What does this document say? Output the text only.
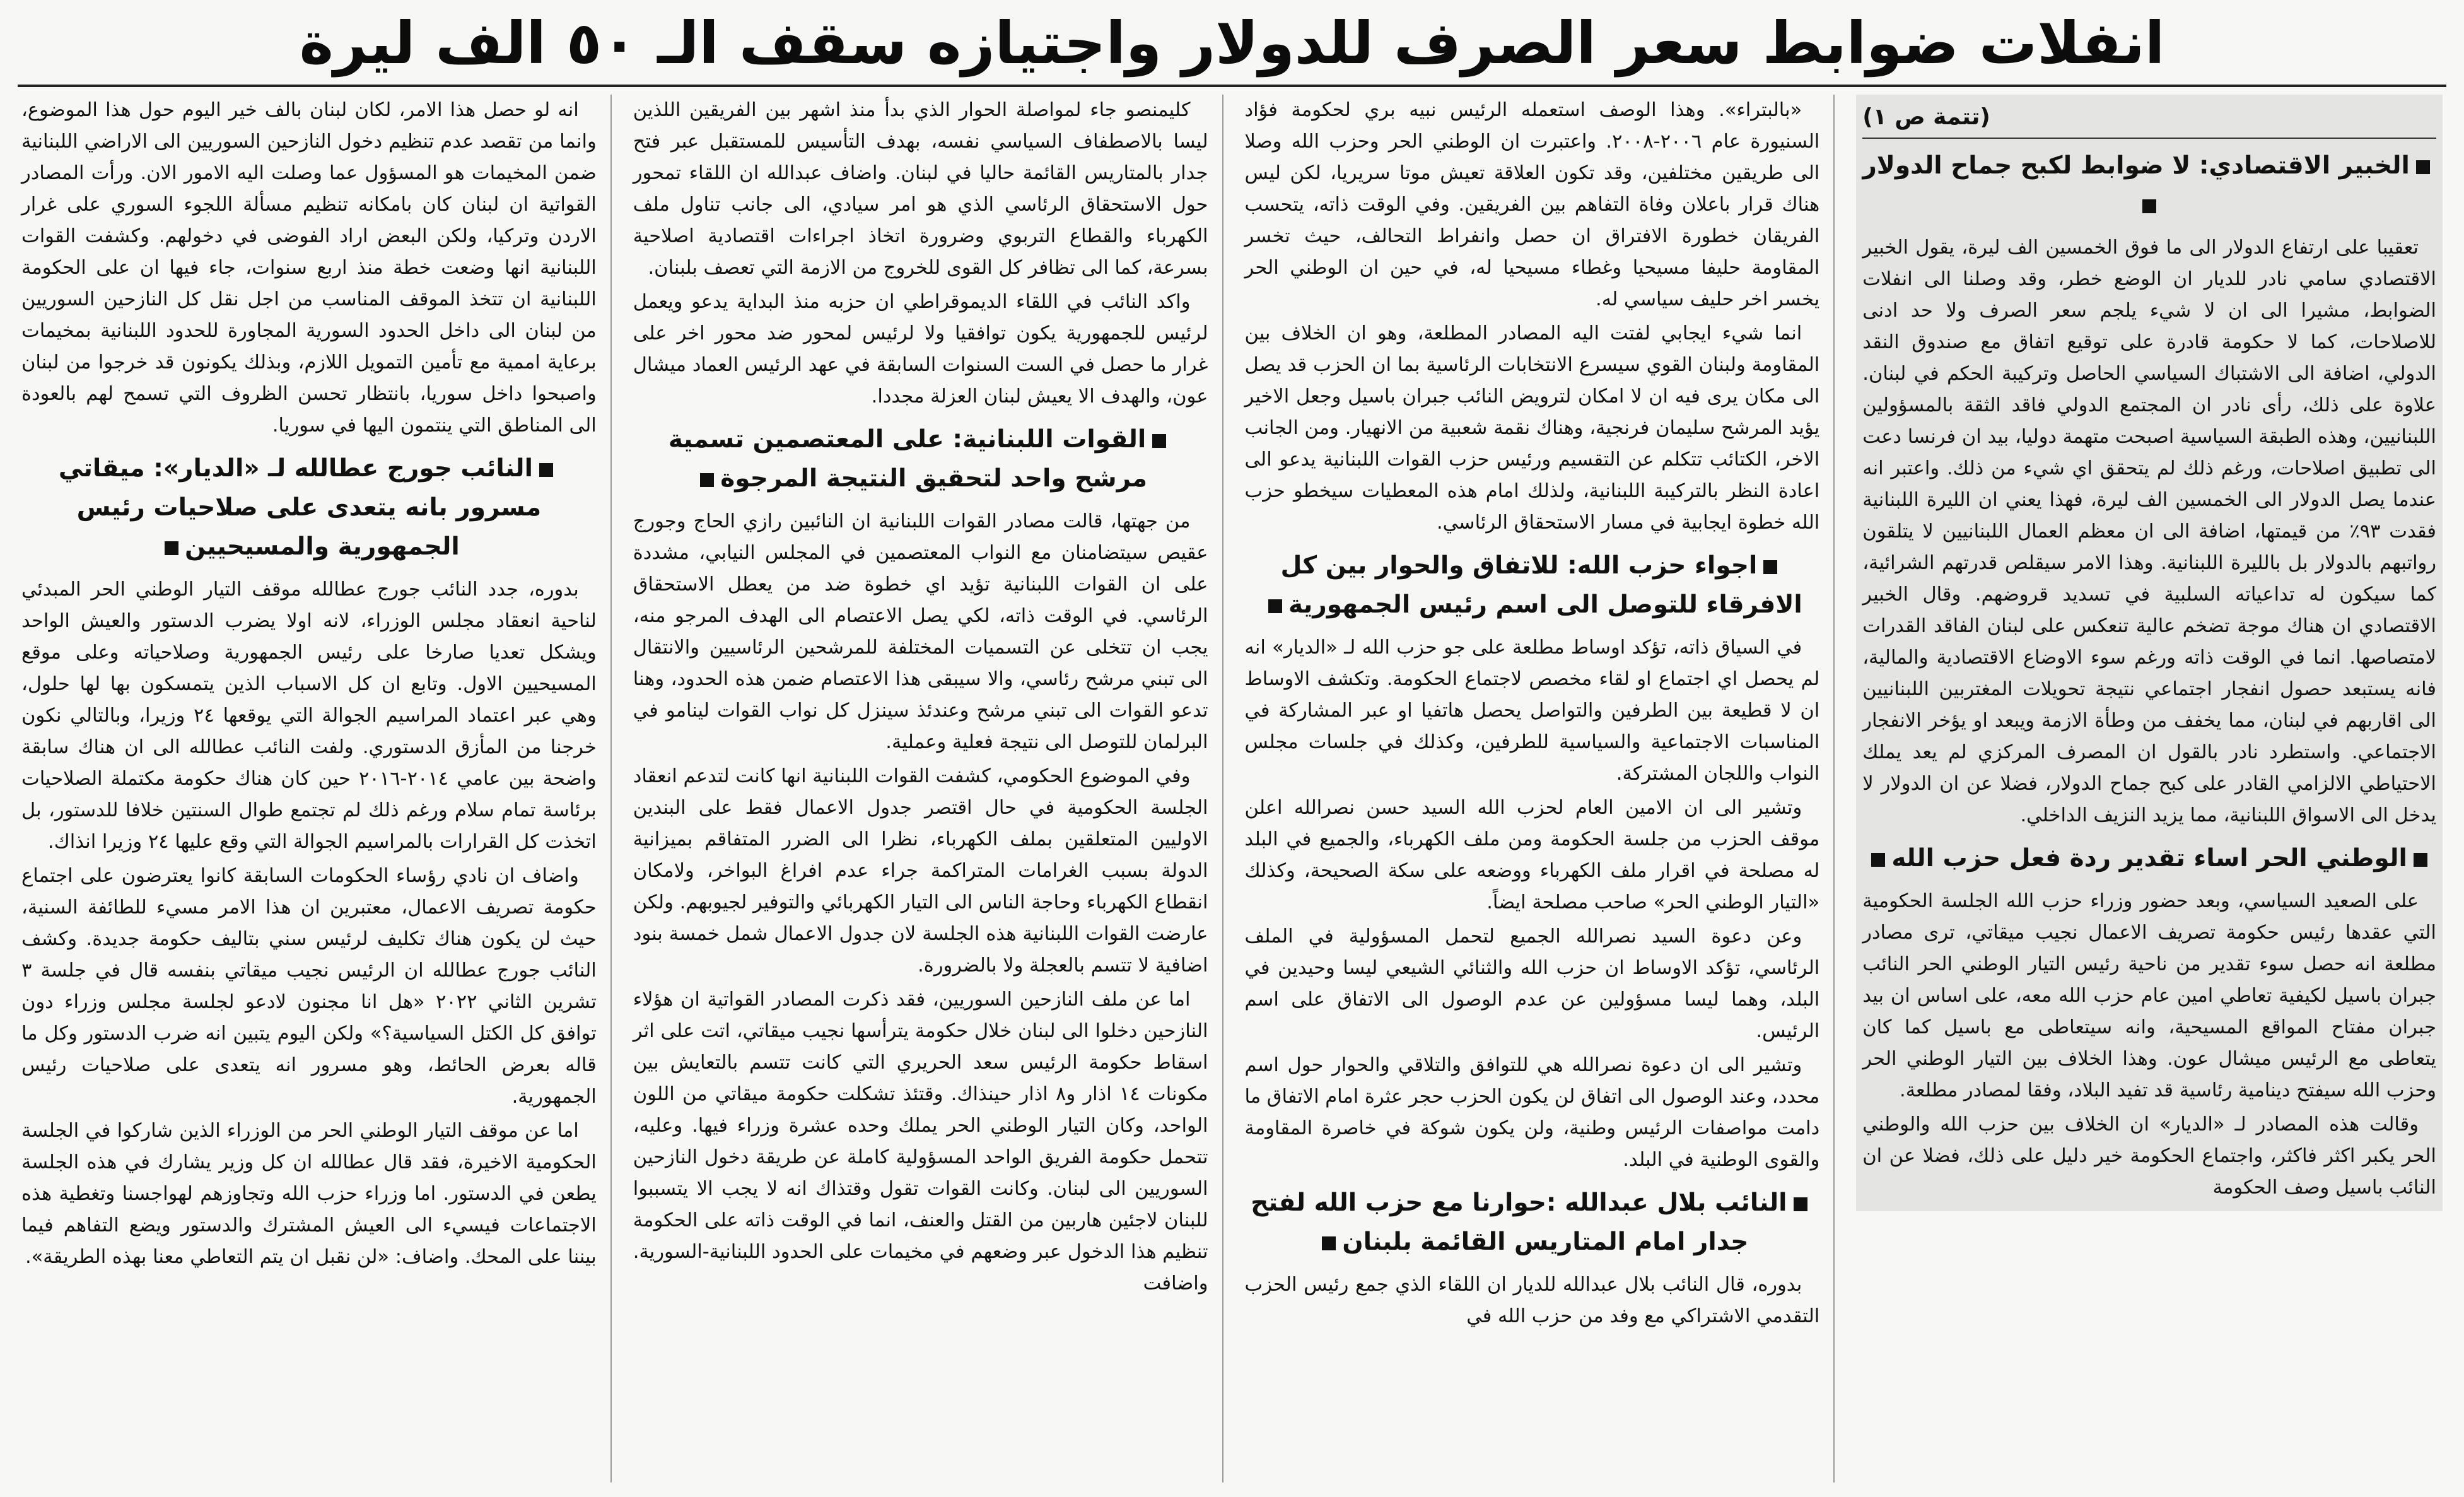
انفلات ضوابط سعر الصرف للدولار واجتيازه سقف الـ ٥٠ الف ليرة
(تتمة ص ١)
الخبير الاقتصادي: لا ضوابط لكبح جماح الدولار

تعقيبا على ارتفاع الدولار الى ما فوق الخمسين الف ليرة، يقول الخبير الاقتصادي سامي نادر للديار ان الوضع خطر، وقد وصلنا الى انفلات الضوابط، مشيرا الى ان لا شيء يلجم سعر الصرف ولا حد ادنى للاصلاحات، كما لا حكومة قادرة على توقيع اتفاق مع صندوق النقد الدولي، اضافة الى الاشتباك السياسي الحاصل وتركيبة الحكم في لبنان. علاوة على ذلك، رأى نادر ان المجتمع الدولي فاقد الثقة بالمسؤولين اللبنانيين، وهذه الطبقة السياسية اصبحت متهمة دوليا، بيد ان فرنسا دعت الى تطبيق اصلاحات، ورغم ذلك لم يتحقق اي شيء من ذلك. واعتبر انه عندما يصل الدولار الى الخمسين الف ليرة، فهذا يعني ان الليرة اللبنانية فقدت ٩٣٪ من قيمتها، اضافة الى ان معظم العمال اللبنانيين لا يتلقون رواتبهم بالدولار بل بالليرة اللبنانية. وهذا الامر سيقلص قدرتهم الشرائية، كما سيكون له تداعياته السلبية في تسديد قروضهم. وقال الخبير الاقتصادي ان هناك موجة تضخم عالية تنعكس على لبنان الفاقد القدرات لامتصاصها. انما في الوقت ذاته ورغم سوء الاوضاع الاقتصادية والمالية، فانه يستبعد حصول انفجار اجتماعي نتيجة تحويلات المغتربين اللبنانيين الى اقاربهم في لبنان، مما يخفف من وطأة الازمة ويبعد او يؤخر الانفجار الاجتماعي. واستطرد نادر بالقول ان المصرف المركزي لم يعد يملك الاحتياطي الالزامي القادر على كبح جماح الدولار، فضلا عن ان الدولار لا يدخل الى الاسواق اللبنانية، مما يزيد النزيف الداخلي.

الوطني الحر اساء تقدير ردة فعل حزب الله

على الصعيد السياسي، وبعد حضور وزراء حزب الله الجلسة الحكومية التي عقدها رئيس حكومة تصريف الاعمال نجيب ميقاتي، ترى مصادر مطلعة انه حصل سوء تقدير من ناحية رئيس التيار الوطني الحر النائب جبران باسيل لكيفية تعاطي امين عام حزب الله معه، على اساس ان بيد جبران مفتاح المواقع المسيحية، وانه سيتعاطى مع باسيل كما كان يتعاطى مع الرئيس ميشال عون. وهذا الخلاف بين التيار الوطني الحر وحزب الله سيفتح دينامية رئاسية قد تفيد البلاد، وفقا لمصادر مطلعة.

وقالت هذه المصادر لـ «الديار» ان الخلاف بين حزب الله والوطني الحر يكبر اكثر فاكثر، واجتماع الحكومة خير دليل على ذلك، فضلا عن ان النائب باسيل وصف الحكومة

«بالبتراء». وهذا الوصف استعمله الرئيس نبيه بري لحكومة فؤاد السنيورة عام ٢٠٠٦-٢٠٠٨. واعتبرت ان الوطني الحر وحزب الله وصلا الى طريقين مختلفين، وقد تكون العلاقة تعيش موتا سريريا، لكن ليس هناك قرار باعلان وفاة التفاهم بين الفريقين. وفي الوقت ذاته، يتحسب الفريقان خطورة الافتراق ان حصل وانفراط التحالف، حيث تخسر المقاومة حليفا مسيحيا وغطاء مسيحيا له، في حين ان الوطني الحر يخسر اخر حليف سياسي له.

انما شيء ايجابي لفتت اليه المصادر المطلعة، وهو ان الخلاف بين المقاومة ولبنان القوي سيسرع الانتخابات الرئاسية بما ان الحزب قد يصل الى مكان يرى فيه ان لا امكان لترويض النائب جبران باسيل وجعل الاخير يؤيد المرشح سليمان فرنجية، وهناك نقمة شعبية من الانهيار. ومن الجانب الاخر، الكتائب تتكلم عن التقسيم ورئيس حزب القوات اللبنانية يدعو الى اعادة النظر بالتركيبة اللبنانية، ولذلك امام هذه المعطيات سيخطو حزب الله خطوة ايجابية في مسار الاستحقاق الرئاسي.

اجواء حزب الله: للاتفاق والحوار بين كل الافرقاء للتوصل الى اسم رئيس الجمهورية

في السياق ذاته، تؤكد اوساط مطلعة على جو حزب الله لـ «الديار» انه لم يحصل اي اجتماع او لقاء مخصص لاجتماع الحكومة. وتكشف الاوساط ان لا قطيعة بين الطرفين والتواصل يحصل هاتفيا او عبر المشاركة في المناسبات الاجتماعية والسياسية للطرفين، وكذلك في جلسات مجلس النواب واللجان المشتركة.

وتشير الى ان الامين العام لحزب الله السيد حسن نصرالله اعلن موقف الحزب من جلسة الحكومة ومن ملف الكهرباء، والجميع في البلد له مصلحة في اقرار ملف الكهرباء ووضعه على سكة الصحيحة، وكذلك «التيار الوطني الحر» صاحب مصلحة ايضاً.

وعن دعوة السيد نصرالله الجميع لتحمل المسؤولية في الملف الرئاسي، تؤكد الاوساط ان حزب الله والثنائي الشيعي ليسا وحيدين في البلد، وهما ليسا مسؤولين عن عدم الوصول الى الاتفاق على اسم الرئيس.

وتشير الى ان دعوة نصرالله هي للتوافق والتلاقي والحوار حول اسم محدد، وعند الوصول الى اتفاق لن يكون الحزب حجر عثرة امام الاتفاق ما دامت مواصفات الرئيس وطنية، ولن يكون شوكة في خاصرة المقاومة والقوى الوطنية في البلد.

النائب بلال عبدالله :حوارنا مع حزب الله لفتح جدار امام المتاريس القائمة بلبنان

بدوره، قال النائب بلال عبدالله للديار ان اللقاء الذي جمع رئيس الحزب التقدمي الاشتراكي مع وفد من حزب الله في

كليمنصو جاء لمواصلة الحوار الذي بدأ منذ اشهر بين الفريقين اللذين ليسا بالاصطفاف السياسي نفسه، بهدف التأسيس للمستقبل عبر فتح جدار بالمتاريس القائمة حاليا في لبنان. واضاف عبدالله ان اللقاء تمحور حول الاستحقاق الرئاسي الذي هو امر سيادي، الى جانب تناول ملف الكهرباء والقطاع التربوي وضرورة اتخاذ اجراءات اقتصادية اصلاحية بسرعة، كما الى تظافر كل القوى للخروج من الازمة التي تعصف بلبنان.

واكد النائب في اللقاء الديموقراطي ان حزبه منذ البداية يدعو ويعمل لرئيس للجمهورية يكون توافقيا ولا لرئيس لمحور ضد محور اخر على غرار ما حصل في الست السنوات السابقة في عهد الرئيس العماد ميشال عون، والهدف الا يعيش لبنان العزلة مجددا.

القوات اللبنانية: على المعتصمين تسمية مرشح واحد لتحقيق النتيجة المرجوة

من جهتها، قالت مصادر القوات اللبنانية ان النائبين رازي الحاج وجورج عقيص سيتضامنان مع النواب المعتصمين في المجلس النيابي، مشددة على ان القوات اللبنانية تؤيد اي خطوة ضد من يعطل الاستحقاق الرئاسي. في الوقت ذاته، لكي يصل الاعتصام الى الهدف المرجو منه، يجب ان تتخلى عن التسميات المختلفة للمرشحين الرئاسيين والانتقال الى تبني مرشح رئاسي، والا سيبقى هذا الاعتصام ضمن هذه الحدود، وهنا تدعو القوات الى تبني مرشح وعندئذ سينزل كل نواب القوات لينامو في البرلمان للتوصل الى نتيجة فعلية وعملية.

وفي الموضوع الحكومي، كشفت القوات اللبنانية انها كانت لتدعم انعقاد الجلسة الحكومية في حال اقتصر جدول الاعمال فقط على البندين الاوليين المتعلقين بملف الكهرباء، نظرا الى الضرر المتفاقم بميزانية الدولة بسبب الغرامات المتراكمة جراء عدم افراغ البواخر، ولامكان انقطاع الكهرباء وحاجة الناس الى التيار الكهربائي والتوفير لجيوبهم. ولكن عارضت القوات اللبنانية هذه الجلسة لان جدول الاعمال شمل خمسة بنود اضافية لا تتسم بالعجلة ولا بالضرورة.

اما عن ملف النازحين السوريين، فقد ذكرت المصادر القواتية ان هؤلاء النازحين دخلوا الى لبنان خلال حكومة يترأسها نجيب ميقاتي، اتت على اثر اسقاط حكومة الرئيس سعد الحريري التي كانت تتسم بالتعايش بين مكونات ١٤ اذار و٨ اذار حينذاك. وقتئذ تشكلت حكومة ميقاتي من اللون الواحد، وكان التيار الوطني الحر يملك وحده عشرة وزراء فيها. وعليه، تتحمل حكومة الفريق الواحد المسؤولية كاملة عن طريقة دخول النازحين السوريين الى لبنان. وكانت القوات تقول وقتذاك انه لا يجب الا يتسببوا للبنان لاجئين هاربين من القتل والعنف، انما في الوقت ذاته على الحكومة تنظيم هذا الدخول عبر وضعهم في مخيمات على الحدود اللبنانية-السورية. واضافت

انه لو حصل هذا الامر، لكان لبنان بالف خير اليوم حول هذا الموضوع، وانما من تقصد عدم تنظيم دخول النازحين السوريين الى الاراضي اللبنانية ضمن المخيمات هو المسؤول عما وصلت اليه الامور الان. ورأت المصادر القواتية ان لبنان كان بامكانه تنظيم مسألة اللجوء السوري على غرار الاردن وتركيا، ولكن البعض اراد الفوضى في دخولهم. وكشفت القوات اللبنانية انها وضعت خطة منذ اربع سنوات، جاء فيها ان على الحكومة اللبنانية ان تتخذ الموقف المناسب من اجل نقل كل النازحين السوريين من لبنان الى داخل الحدود السورية المجاورة للحدود اللبنانية بمخيمات برعاية اممية مع تأمين التمويل اللازم، وبذلك يكونون قد خرجوا من لبنان واصبحوا داخل سوريا، بانتظار تحسن الظروف التي تسمح لهم بالعودة الى المناطق التي ينتمون اليها في سوريا.

النائب جورج عطالله لـ «الديار»: ميقاتي مسرور بانه يتعدى على صلاحيات رئيس الجمهورية والمسيحيين

بدوره، جدد النائب جورج عطالله موقف التيار الوطني الحر المبدئي لناحية انعقاد مجلس الوزراء، لانه اولا يضرب الدستور والعيش الواحد ويشكل تعديا صارخا على رئيس الجمهورية وصلاحياته وعلى موقع المسيحيين الاول. وتابع ان كل الاسباب الذين يتمسكون بها لها حلول، وهي عبر اعتماد المراسيم الجوالة التي يوقعها ٢٤ وزيرا، وبالتالي نكون خرجنا من المأزق الدستوري. ولفت النائب عطالله الى ان هناك سابقة واضحة بين عامي ٢٠١٤-٢٠١٦ حين كان هناك حكومة مكتملة الصلاحيات برئاسة تمام سلام ورغم ذلك لم تجتمع طوال السنتين خلافا للدستور، بل اتخذت كل القرارات بالمراسيم الجوالة التي وقع عليها ٢٤ وزيرا انذاك.

واضاف ان نادي رؤساء الحكومات السابقة كانوا يعترضون على اجتماع حكومة تصريف الاعمال، معتبرين ان هذا الامر مسيء للطائفة السنية، حيث لن يكون هناك تكليف لرئيس سني بتاليف حكومة جديدة. وكشف النائب جورج عطالله ان الرئيس نجيب ميقاتي بنفسه قال في جلسة ٣ تشرين الثاني ٢٠٢٢ «هل انا مجنون لادعو لجلسة مجلس وزراء دون توافق كل الكتل السياسية؟» ولكن اليوم يتبين انه ضرب الدستور وكل ما قاله بعرض الحائط، وهو مسرور انه يتعدى على صلاحيات رئيس الجمهورية.

اما عن موقف التيار الوطني الحر من الوزراء الذين شاركوا في الجلسة الحكومية الاخيرة، فقد قال عطالله ان كل وزير يشارك في هذه الجلسة يطعن في الدستور. اما وزراء حزب الله وتجاوزهم لهواجسنا وتغطية هذه الاجتماعات فيسيء الى العيش المشترك والدستور ويضع التفاهم فيما بيننا على المحك. واضاف: «لن نقبل ان يتم التعاطي معنا بهذه الطريقة».
